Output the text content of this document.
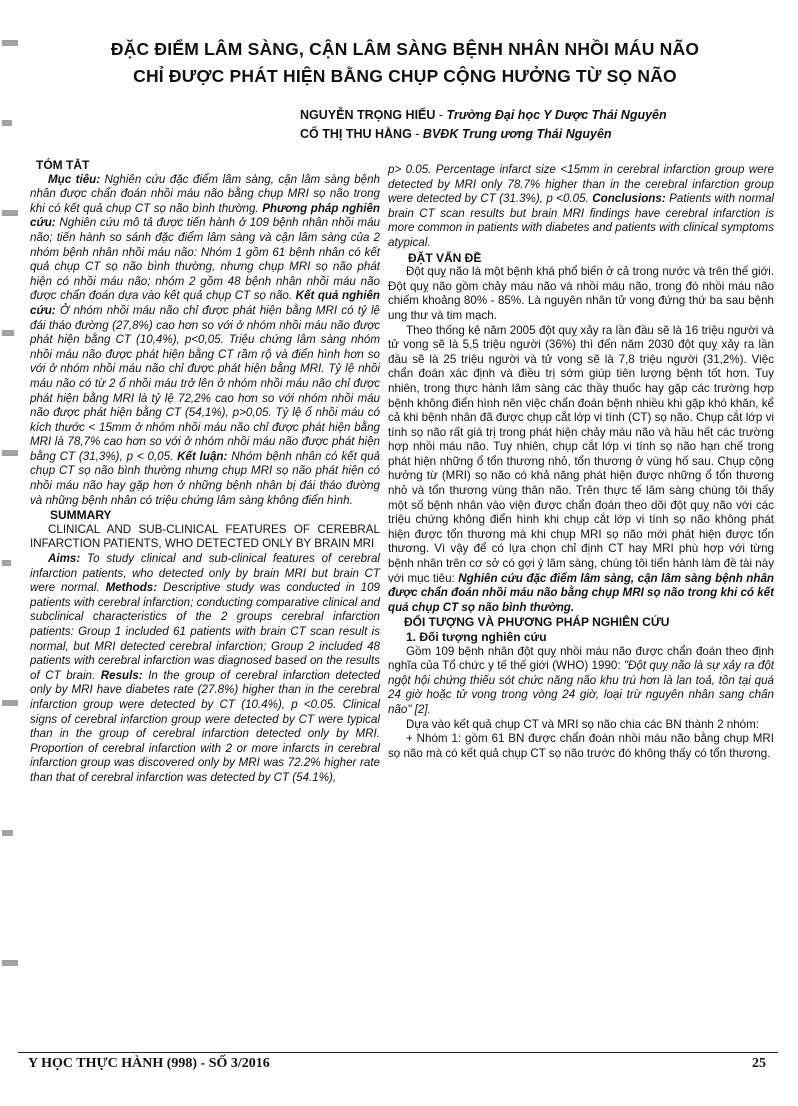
ĐẶC ĐIỂM LÂM SÀNG, CẬN LÂM SÀNG BỆNH NHÂN NHỒI MÁU NÃO
CHỈ ĐƯỢC PHÁT HIỆN BẰNG CHỤP CỘNG HƯỞNG TỪ SỌ NÃO
NGUYỄN TRỌNG HIẾU - Trường Đại học Y Dược Thái Nguyên
CỐ THỊ THU HẰNG - BVĐK Trung ương Thái Nguyên
TÓM TẮT

Mục tiêu: Nghiên cứu đặc điểm lâm sàng, cận lâm sàng bệnh nhân được chẩn đoán nhồi máu não bằng chụp MRI sọ não trong khi có kết quả chụp CT sọ não bình thường. Phương pháp nghiên cứu: Nghiên cứu mô tả được tiến hành ở 109 bệnh nhân nhồi máu não; tiến hành so sánh đặc điểm lâm sàng và cận lâm sàng của 2 nhóm bệnh nhân nhồi máu não: Nhóm 1 gồm 61 bệnh nhân có kết quả chụp CT sọ não bình thường, nhưng chụp MRI sọ não phát hiện có nhồi máu não; nhóm 2 gồm 48 bệnh nhân nhồi máu não được chẩn đoán dựa vào kết quả chụp CT sọ não. Kết quả nghiên cứu: Ở nhóm nhồi máu não chỉ được phát hiện bằng MRI có tỷ lệ đái tháo đường (27,8%) cao hơn so với ở nhóm nhồi máu não được phát hiện bằng CT (10,4%), p<0,05. Triệu chứng lâm sàng nhóm nhồi máu não được phát hiện bằng CT rầm rộ và điển hình hơn so với ở nhóm nhồi máu não chỉ được phát hiện bằng MRI. Tỷ lệ nhồi máu não có từ 2 ổ nhồi máu trở lên ở nhóm nhồi máu não chỉ được phát hiện bằng MRI là tỷ lệ 72,2% cao hơn so với nhóm nhồi máu não được phát hiện bằng CT (54,1%), p>0,05. Tỷ lệ ổ nhồi máu có kích thước < 15mm ở nhóm nhồi máu não chỉ được phát hiện bằng MRI là 78,7% cao hơn so với ở nhóm nhồi máu não được phát hiện bằng CT (31,3%), p < 0,05. Kết luận: Nhóm bệnh nhân có kết quả chụp CT sọ não bình thường nhưng chụp MRI sọ não phát hiện có nhồi máu não hay gặp hơn ở những bệnh nhân bị đái tháo đường và những bệnh nhân có triệu chứng lâm sàng không điển hình.

SUMMARY

CLINICAL AND SUB-CLINICAL FEATURES OF CEREBRAL INFARCTION PATIENTS, WHO DETECTED ONLY BY BRAIN MRI

Aims: To study clinical and sub-clinical features of cerebral infarction patients, who detected only by brain MRI but brain CT were normal. Methods: Descriptive study was conducted in 109 patients with cerebral infarction; conducting comparative clinical and subclinical characteristics of the 2 groups cerebral infarction patients: Group 1 included 61 patients with brain CT scan result is normal, but MRI detected cerebral infarction; Group 2 included 48 patients with cerebral infarction was diagnosed based on the results of CT brain. Resuls: In the group of cerebral infarction detected only by MRI have diabetes rate (27.8%) higher than in the cerebral infarction group were detected by CT (10.4%), p <0.05. Clinical signs of cerebral infarction group were detected by CT were typical than in the group of cerebral infarction detected only by MRI. Proportion of cerebral infarction with 2 or more infarcts in cerebral infarction group was discovered only by MRI was 72.2% higher rate than that of cerebral infarction was detected by CT (54.1%),

p> 0.05. Percentage infarct size <15mm in cerebral infarction group were detected by MRI only 78.7% higher than in the cerebral infarction group were detected by CT (31.3%), p <0.05. Conclusions: Patients with normal brain CT scan results but brain MRI findings have cerebral infarction is more common in patients with diabetes and patients with clinical symptoms atypical.

ĐẶT VẤN ĐỀ

Đột quỵ não là một bệnh khá phổ biến ở cả trong nước và trên thế giới. Đột quỵ não gồm chảy máu não và nhồi máu não, trong đó nhồi máu não chiếm khoảng 80% - 85%. Là nguyên nhân tử vong đứng thứ ba sau bệnh ung thư và tim mạch.

Theo thống kê năm 2005 đột quỵ xảy ra lần đầu sẽ là 16 triệu người và tử vong sẽ là 5,5 triệu người (36%) thì đến năm 2030 đột quỵ xảy ra lần đầu sẽ là 25 triệu người và tử vong sẽ là 7,8 triệu người (31,2%). Việc chẩn đoán xác định và điều trị sớm giúp tiên lượng bệnh tốt hơn. Tuy nhiên, trong thực hành lâm sàng các thầy thuốc hay gặp các trường hợp bệnh không điển hình nên việc chẩn đoán bệnh nhiều khi gặp khó khăn, kể cả khi bệnh nhân đã được chụp cắt lớp vi tính (CT) sọ não. Chụp cắt lớp vi tính sọ não rất giá trị trong phát hiện chảy máu não và hầu hết các trường hợp nhồi máu não. Tuy nhiên, chụp cắt lớp vi tính sọ não hạn chế trong phát hiện những ổ tổn thương nhỏ, tổn thương ở vùng hố sau. Chụp cộng hưởng từ (MRI) sọ não có khả năng phát hiện được những ổ tổn thương nhỏ và tổn thương vùng thân não. Trên thực tế lâm sàng chúng tôi thấy một số bệnh nhân vào viện được chẩn đoán theo dõi đột quỵ não với các triệu chứng không điển hình khi chụp cắt lớp vi tính sọ não không phát hiện được tổn thương mà khi chụp MRI sọ não mới phát hiện được tổn thương. Vì vậy để có lựa chọn chỉ định CT hay MRI phù hợp với từng bệnh nhân trên cơ sở có gợi ý lâm sàng, chúng tôi tiến hành làm đề tài này với mục tiêu: Nghiên cứu đặc điểm lâm sàng, cận lâm sàng bệnh nhân được chẩn đoán nhồi máu não bằng chụp MRI sọ não trong khi có kết quả chụp CT sọ não bình thường.

ĐỐI TƯỢNG VÀ PHƯƠNG PHÁP NGHIÊN CỨU
1. Đối tượng nghiên cứu

Gồm 109 bệnh nhân đột quỵ nhồi máu não được chẩn đoán theo định nghĩa của Tổ chức y tế thế giới (WHO) 1990: "Đột quỵ não là sự xảy ra đột ngột hội chứng thiếu sót chức năng não khu trú hơn là lan toả, tồn tại quá 24 giờ hoặc tử vong trong vòng 24 giờ, loại trừ nguyên nhân sang chấn não" [2].

Dựa vào kết quả chụp CT và MRI sọ não chia các BN thành 2 nhóm:

+ Nhóm 1: gồm 61 BN được chẩn đoán nhồi máu não bằng chụp MRI sọ não mà có kết quả chụp CT sọ não trước đó không thấy có tổn thương.

Y HỌC THỰC HÀNH (998) - SỐ 3/2016	25
